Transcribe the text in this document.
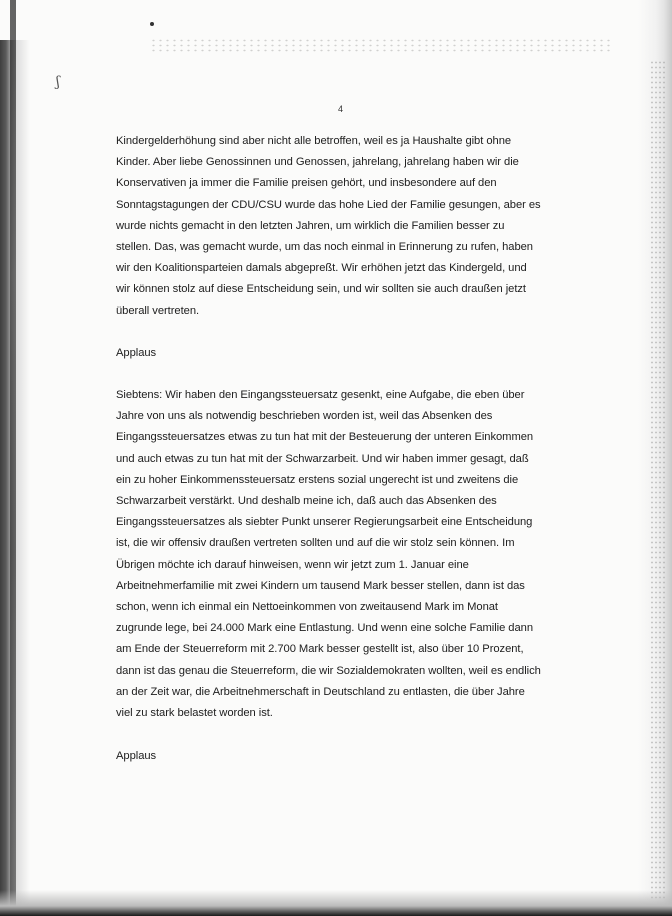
ʃ
4

Kindergelderhöhung sind aber nicht alle betroffen, weil es ja Haushalte gibt ohne Kinder. Aber liebe Genossinnen und Genossen, jahrelang, jahrelang haben wir die Konservativen ja immer die Familie preisen gehört, und insbesondere auf den Sonntagstagungen der CDU/CSU wurde das hohe Lied der Familie gesungen, aber es wurde nichts gemacht in den letzten Jahren, um wirklich die Familien besser zu stellen. Das, was gemacht wurde, um das noch einmal in Erinnerung zu rufen, haben wir den Koalitionsparteien damals abgepreßt. Wir erhöhen jetzt das Kindergeld, und wir können stolz auf diese Entscheidung sein, und wir sollten sie auch draußen jetzt überall vertreten.

Applaus

Siebtens: Wir haben den Eingangssteuersatz gesenkt, eine Aufgabe, die eben über Jahre von uns als notwendig beschrieben worden ist, weil das Absenken des Eingangssteuersatzes etwas zu tun hat mit der Besteuerung der unteren Einkommen und auch etwas zu tun hat mit der Schwarzarbeit. Und wir haben immer gesagt, daß ein zu hoher Einkommenssteuersatz erstens sozial ungerecht ist und zweitens die Schwarzarbeit verstärkt. Und deshalb meine ich, daß auch das Absenken des Eingangssteuersatzes als siebter Punkt unserer Regierungsarbeit eine Entscheidung ist, die wir offensiv draußen vertreten sollten und auf die wir stolz sein können. Im Übrigen möchte ich darauf hinweisen, wenn wir jetzt zum 1. Januar eine Arbeitnehmerfamilie mit zwei Kindern um tausend Mark besser stellen, dann ist das schon, wenn ich einmal ein Nettoeinkommen von zweitausend Mark im Monat zugrunde lege, bei 24.000 Mark eine Entlastung. Und wenn eine solche Familie dann am Ende der Steuerreform mit 2.700 Mark besser gestellt ist, also über 10 Prozent, dann ist das genau die Steuerreform, die wir Sozialdemokraten wollten, weil es endlich an der Zeit war, die Arbeitnehmerschaft in Deutschland zu entlasten, die über Jahre viel zu stark belastet worden ist.

Applaus
